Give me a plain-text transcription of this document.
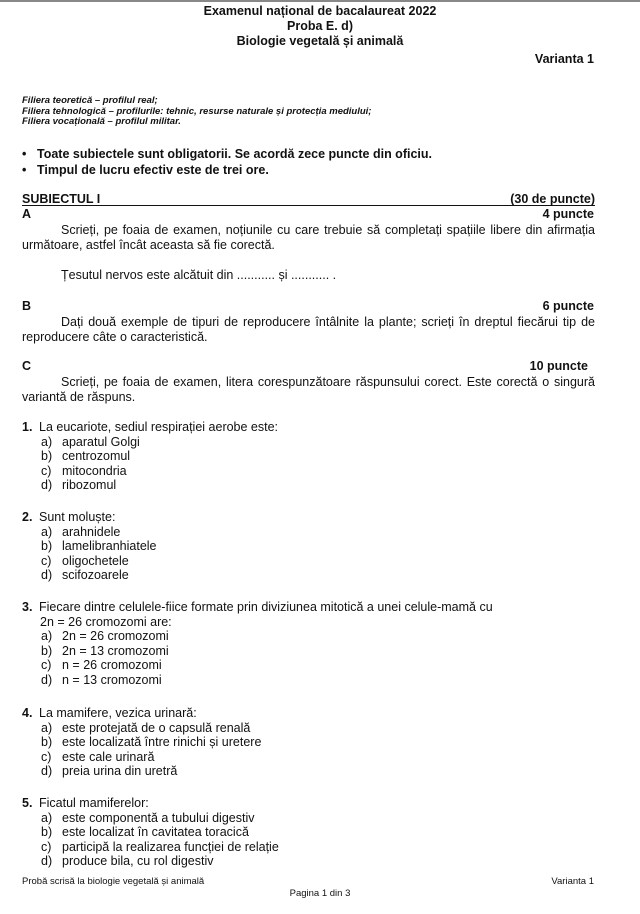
Examenul național de bacalaureat 2022
Proba E. d)
Biologie vegetală și animală
Varianta 1
Filiera teoretică – profilul real;
Filiera tehnologică – profilurile: tehnic, resurse naturale și protecția mediului;
Filiera vocațională – profilul militar.
• Toate subiectele sunt obligatorii. Se acordă zece puncte din oficiu.
• Timpul de lucru efectiv este de trei ore.
SUBIECTUL I	(30 de puncte)
A	4 puncte
Scrieți, pe foaia de examen, noțiunile cu care trebuie să completați spațiile libere din afirmația următoare, astfel încât aceasta să fie corectă.
Țesutul nervos este alcătuit din ........... și ........... .
B	6 puncte
Dați două exemple de tipuri de reproducere întâlnite la plante; scrieți în dreptul fiecărui tip de reproducere câte o caracteristică.
C	10 puncte
Scrieți, pe foaia de examen, litera corespunzătoare răspunsului corect. Este corectă o singură variantă de răspuns.
1. La eucariote, sediul respirației aerobe este:
a) aparatul Golgi
b) centrozomul
c) mitocondria
d) ribozomul
2. Sunt moluște:
a) arahnidele
b) lamelibranhiatele
c) oligochetele
d) scifozoarele
3. Fiecare dintre celulele-fiice formate prin diviziunea mitotică a unei celule-mamă cu
2n = 26 cromozomi are:
a) 2n = 26 cromozomi
b) 2n = 13 cromozomi
c) n = 26 cromozomi
d) n = 13 cromozomi
4. La mamifere, vezica urinară:
a) este protejată de o capsulă renală
b) este localizată între rinichi și uretere
c) este cale urinară
d) preia urina din uretră
5. Ficatul mamiferelor:
a) este componentă a tubului digestiv
b) este localizat în cavitatea toracică
c) participă la realizarea funcției de relație
d) produce bila, cu rol digestiv
Probă scrisă la biologie vegetală și animală	Varianta 1
Pagina 1 din 3
